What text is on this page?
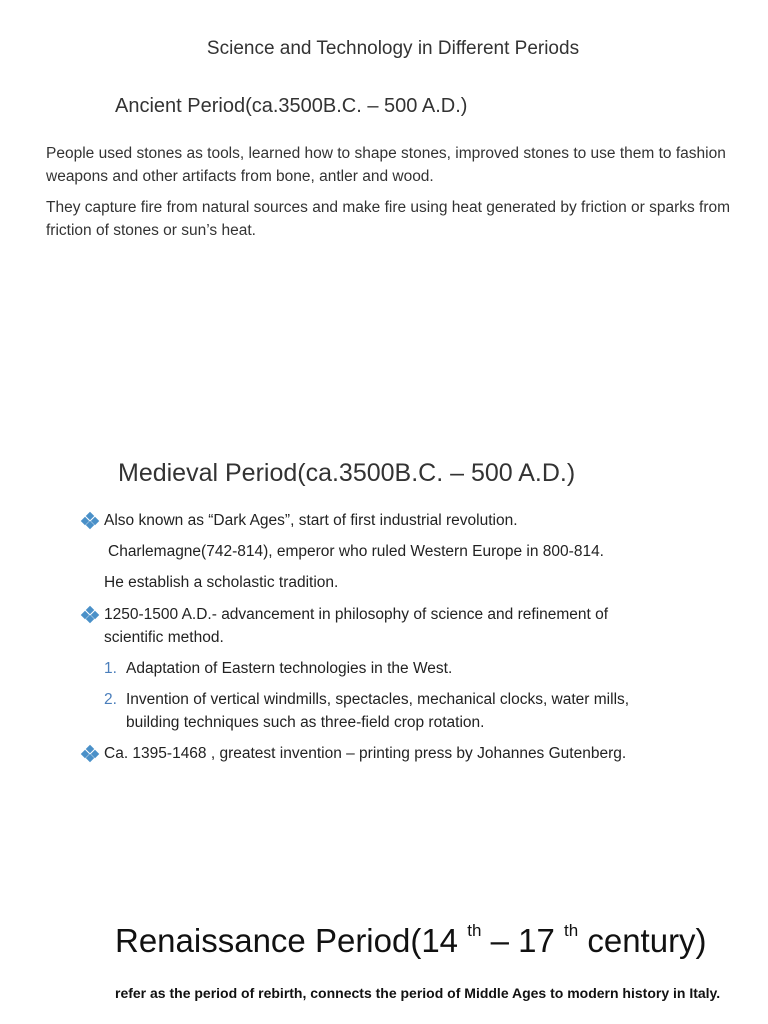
Science and Technology in Different Periods
Ancient Period(ca.3500B.C. – 500 A.D.)

People used stones as tools, learned how to shape stones, improved stones to use them to fashion weapons and other artifacts from bone, antler and wood.

They capture fire from natural sources and make fire using heat generated by friction or sparks from friction of stones or sun’s heat.

Medieval Period(ca.3500B.C. – 500 A.D.)
Also known as “Dark Ages”, start of first industrial revolution.
Charlemagne(742-814), emperor who ruled Western Europe in 800-814.
He establish a scholastic tradition.
1250-1500 A.D.- advancement in philosophy of science and refinement of
scientific method.
1. Adaptation of Eastern technologies in the West.
2. Invention of vertical windmills, spectacles, mechanical clocks, water mills,
building techniques such as three-field crop rotation.
Ca. 1395-1468 , greatest invention – printing press by Johannes Gutenberg.
Renaissance Period(14 $^{th}$ – 17 $^{th}$ century)

refer as the period of rebirth, connects the period of Middle Ages to modern history in Italy.
